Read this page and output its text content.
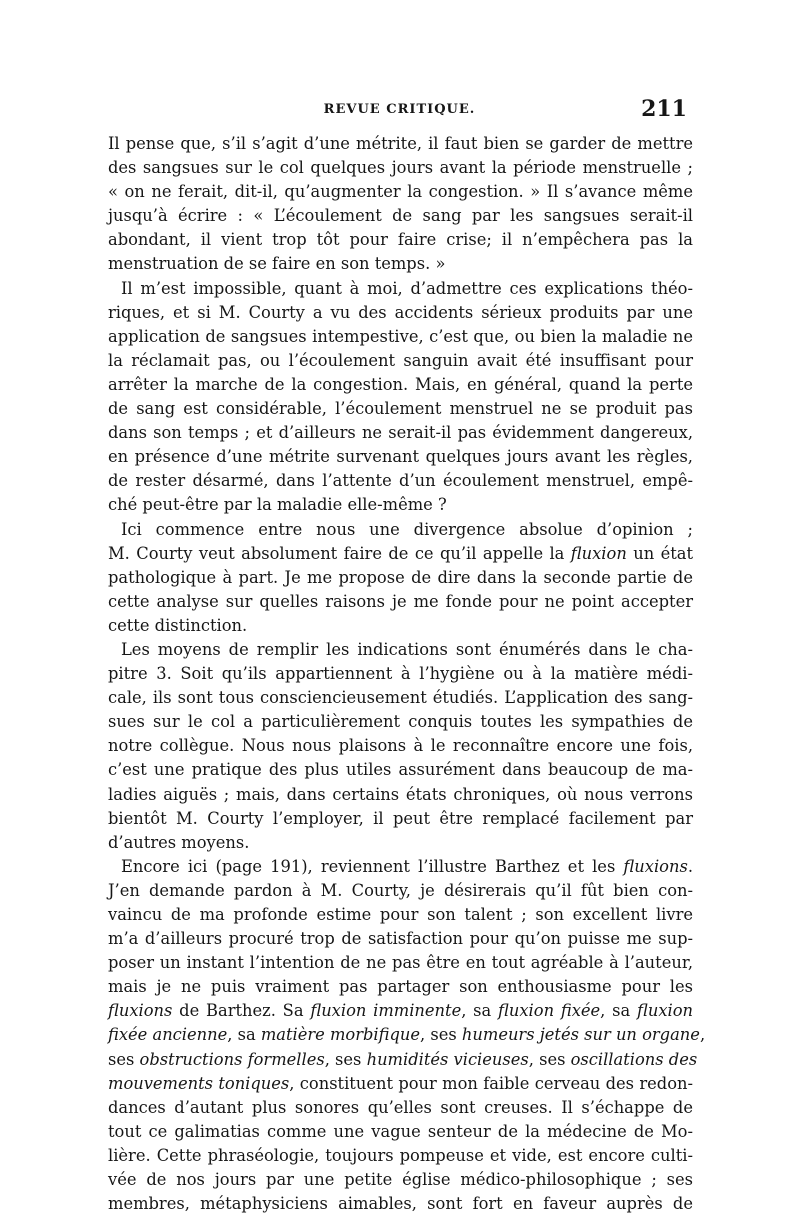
REVUE CRITIQUE.	211
Il pense que, s’il s’agit d’une métrite, il faut bien se garder de mettre
des sangsues sur le col quelques jours avant la période menstruelle ;
« on ne ferait, dit-il, qu’augmenter la congestion. » Il s’avance même
jusqu’à écrire : « L’écoulement de sang par les sangsues serait-il
abondant, il vient trop tôt pour faire crise; il n’empêchera pas la
menstruation de se faire en son temps. »
Il m’est impossible, quant à moi, d’admettre ces explications théo-
riques, et si M. Courty a vu des accidents sérieux produits par une
application de sangsues intempestive, c’est que, ou bien la maladie ne
la réclamait pas, ou l’écoulement sanguin avait été insuffisant pour
arrêter la marche de la congestion. Mais, en général, quand la perte
de sang est considérable, l’écoulement menstruel ne se produit pas
dans son temps ; et d’ailleurs ne serait-il pas évidemment dangereux,
en présence d’une métrite survenant quelques jours avant les règles,
de rester désarmé, dans l’attente d’un écoulement menstruel, empê-
ché peut-être par la maladie elle-même ?
Ici commence entre nous une divergence absolue d’opinion ;
M. Courty veut absolument faire de ce qu’il appelle la fluxion un état
pathologique à part. Je me propose de dire dans la seconde partie de
cette analyse sur quelles raisons je me fonde pour ne point accepter
cette distinction.
Les moyens de remplir les indications sont énumérés dans le cha-
pitre 3. Soit qu’ils appartiennent à l’hygiène ou à la matière médi-
cale, ils sont tous consciencieusement étudiés. L’application des sang-
sues sur le col a particulièrement conquis toutes les sympathies de
notre collègue. Nous nous plaisons à le reconnaître encore une fois,
c’est une pratique des plus utiles assurément dans beaucoup de ma-
ladies aiguës ; mais, dans certains états chroniques, où nous verrons
bientôt M. Courty l’employer, il peut être remplacé facilement par
d’autres moyens.
Encore ici (page 191), reviennent l’illustre Barthez et les fluxions.
J’en demande pardon à M. Courty, je désirerais qu’il fût bien con-
vaincu de ma profonde estime pour son talent ; son excellent livre
m’a d’ailleurs procuré trop de satisfaction pour qu’on puisse me sup-
poser un instant l’intention de ne pas être en tout agréable à l’auteur,
mais je ne puis vraiment pas partager son enthousiasme pour les
fluxions de Barthez. Sa fluxion imminente, sa fluxion fixée, sa fluxion
fixée ancienne, sa matière morbifique, ses humeurs jetés sur un organe,
ses obstructions formelles, ses humidités vicieuses, ses oscillations des
mouvements toniques, constituent pour mon faible cerveau des redon-
dances d’autant plus sonores qu’elles sont creuses. Il s’échappe de
tout ce galimatias comme une vague senteur de la médecine de Mo-
lière. Cette phraséologie, toujours pompeuse et vide, est encore culti-
vée de nos jours par une petite église médico-philosophique ; ses
membres, métaphysiciens aimables, sont fort en faveur auprès de
